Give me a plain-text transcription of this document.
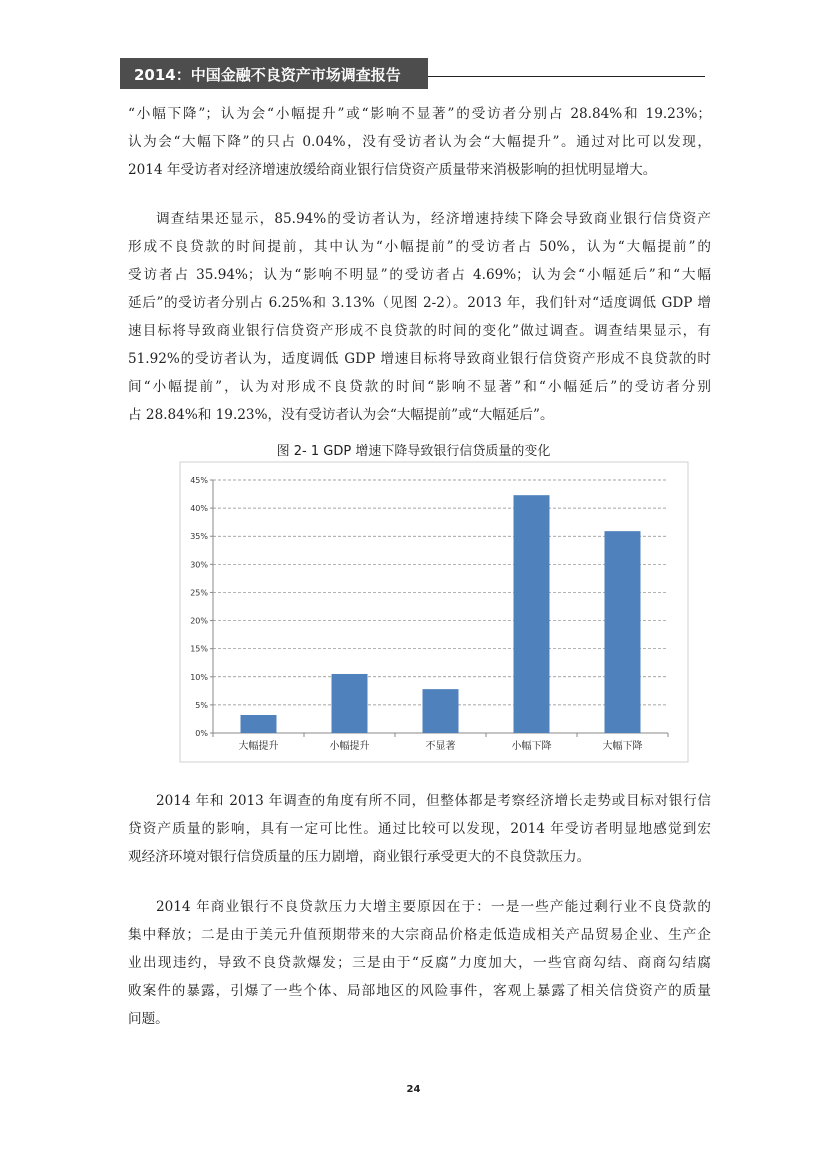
2014：中国金融不良资产市场调查报告
“小幅下降”；认为会“小幅提升”或“影响不显著”的受访者分别占 28.84%和 19.23%；
认为会“大幅下降”的只占 0.04%，没有受访者认为会“大幅提升”。通过对比可以发现，
2014 年受访者对经济增速放缓给商业银行信贷资产质量带来消极影响的担忧明显增大。
调查结果还显示，85.94%的受访者认为，经济增速持续下降会导致商业银行信贷资产
形成不良贷款的时间提前，其中认为“小幅提前”的受访者占 50%，认为“大幅提前”的
受访者占 35.94%；认为“影响不明显”的受访者占 4.69%；认为会“小幅延后”和“大幅
延后”的受访者分别占 6.25%和 3.13%（见图 2-2）。2013 年，我们针对“适度调低 GDP 增
速目标将导致商业银行信贷资产形成不良贷款的时间的变化”做过调查。调查结果显示，有
51.92%的受访者认为，适度调低 GDP 增速目标将导致商业银行信贷资产形成不良贷款的时
间“小幅提前”，认为对形成不良贷款的时间“影响不显著”和“小幅延后”的受访者分别
占 28.84%和 19.23%，没有受访者认为会“大幅提前”或“大幅延后”。
图 2- 1 GDP 增速下降导致银行信贷质量的变化
0%
5%
10%
15%
20%
25%
30%
35%
40%
45%
大幅提升	小幅提升	不显著	小幅下降	大幅下降
2014 年和 2013 年调查的角度有所不同，但整体都是考察经济增长走势或目标对银行信
贷资产质量的影响，具有一定可比性。通过比较可以发现，2014 年受访者明显地感觉到宏
观经济环境对银行信贷质量的压力剧增，商业银行承受更大的不良贷款压力。
2014 年商业银行不良贷款压力大增主要原因在于：一是一些产能过剩行业不良贷款的
集中释放；二是由于美元升值预期带来的大宗商品价格走低造成相关产品贸易企业、生产企
业出现违约，导致不良贷款爆发；三是由于“反腐”力度加大，一些官商勾结、商商勾结腐
败案件的暴露，引爆了一些个体、局部地区的风险事件，客观上暴露了相关信贷资产的质量
问题。
24
